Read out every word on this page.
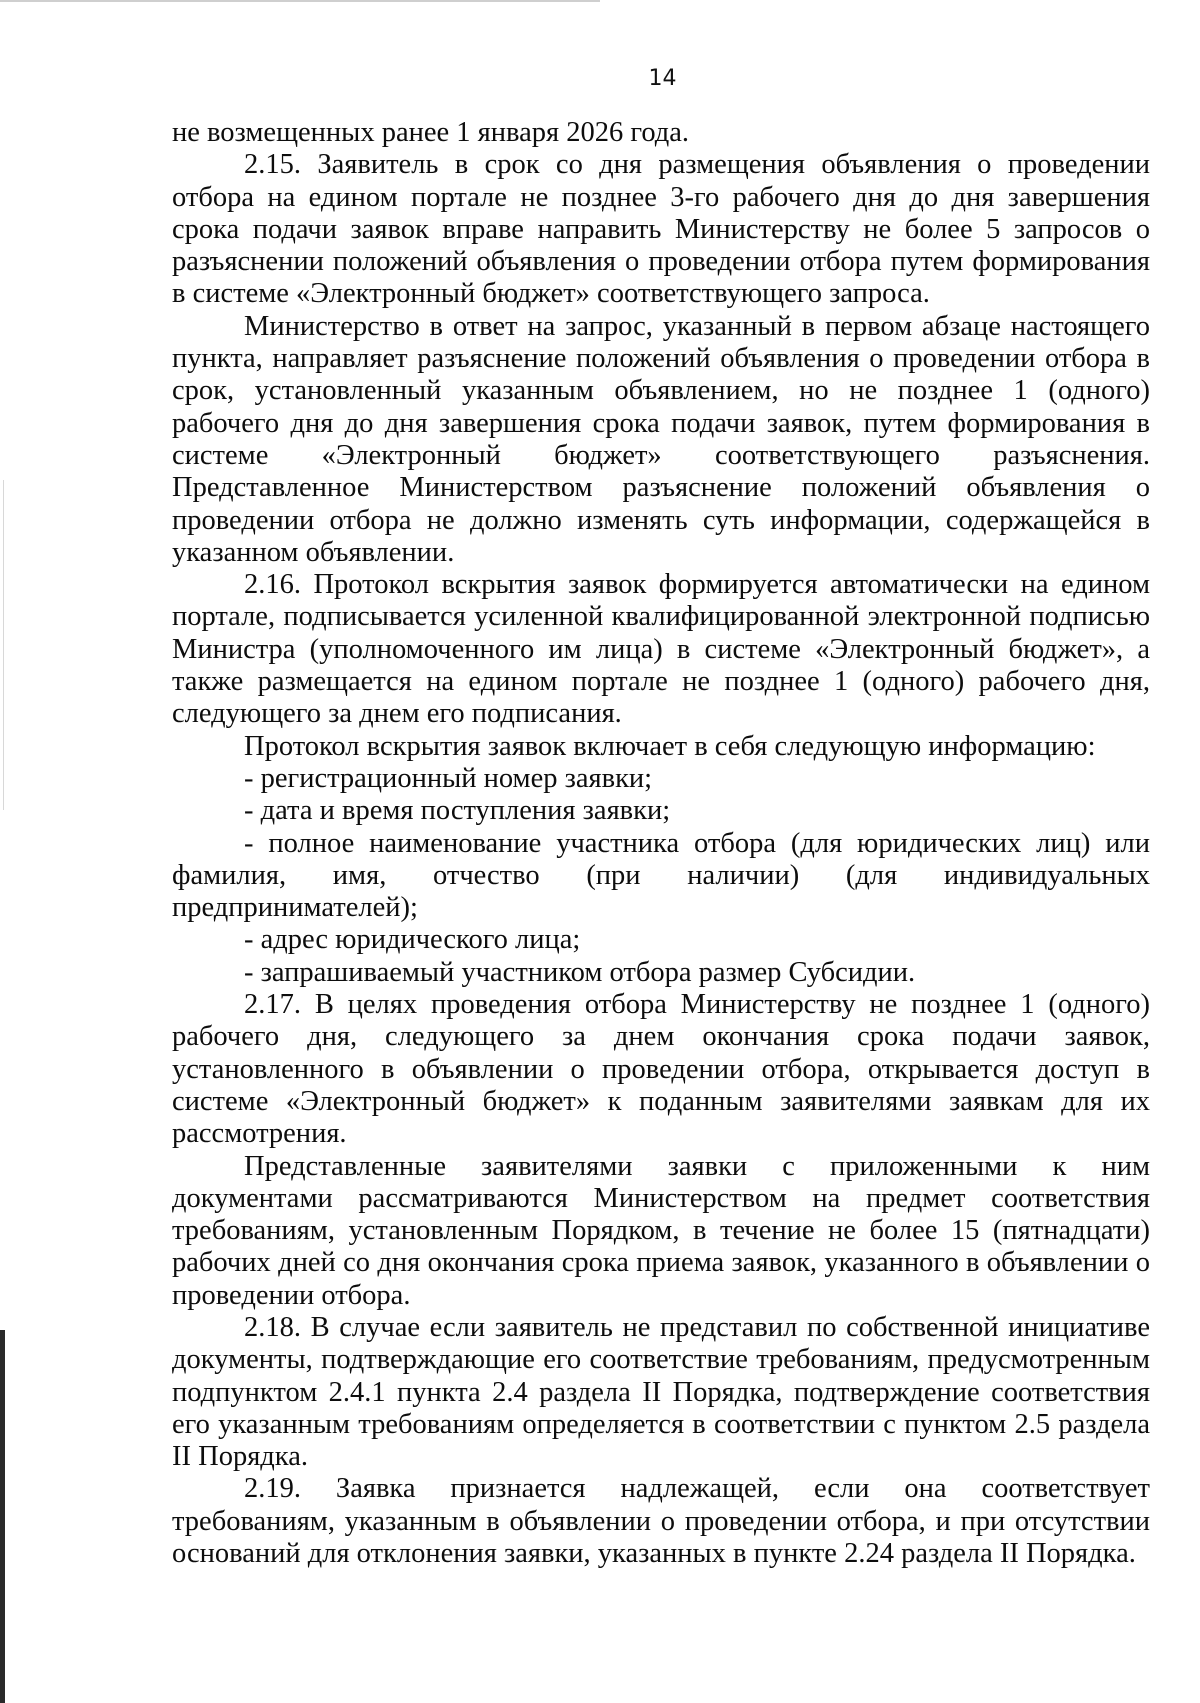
14

не возмещенных ранее 1 января 2026 года.

2.15. Заявитель в срок со дня размещения объявления о проведении отбора на едином портале не позднее 3-го рабочего дня до дня завершения срока подачи заявок вправе направить Министерству не более 5 запросов о разъяснении положений объявления о проведении отбора путем формирования в системе «Электронный бюджет» соответствующего запроса.

Министерство в ответ на запрос, указанный в первом абзаце настоящего пункта, направляет разъяснение положений объявления о проведении отбора в срок, установленный указанным объявлением, но не позднее 1 (одного) рабочего дня до дня завершения срока подачи заявок, путем формирования в системе «Электронный бюджет» соответствующего разъяснения. Представленное Министерством разъяснение положений объявления о проведении отбора не должно изменять суть информации, содержащейся в указанном объявлении.

2.16. Протокол вскрытия заявок формируется автоматически на едином портале, подписывается усиленной квалифицированной электронной подписью Министра (уполномоченного им лица) в системе «Электронный бюджет», а также размещается на едином портале не позднее 1 (одного) рабочего дня, следующего за днем его подписания.

Протокол вскрытия заявок включает в себя следующую информацию:

- регистрационный номер заявки;

- дата и время поступления заявки;

- полное наименование участника отбора (для юридических лиц) или фамилия, имя, отчество (при наличии) (для индивидуальных предпринимателей);

- адрес юридического лица;

- запрашиваемый участником отбора размер Субсидии.

2.17. В целях проведения отбора Министерству не позднее 1 (одного) рабочего дня, следующего за днем окончания срока подачи заявок, установленного в объявлении о проведении отбора, открывается доступ в системе «Электронный бюджет» к поданным заявителями заявкам для их рассмотрения.

Представленные заявителями заявки с приложенными к ним документами рассматриваются Министерством на предмет соответствия требованиям, установленным Порядком, в течение не более 15 (пятнадцати) рабочих дней со дня окончания срока приема заявок, указанного в объявлении о проведении отбора.

2.18. В случае если заявитель не представил по собственной инициативе документы, подтверждающие его соответствие требованиям, предусмотренным подпунктом 2.4.1 пункта 2.4 раздела II Порядка, подтверждение соответствия его указанным требованиям определяется в соответствии с пунктом 2.5 раздела II Порядка.

2.19. Заявка признается надлежащей, если она соответствует требованиям, указанным в объявлении о проведении отбора, и при отсутствии оснований для отклонения заявки, указанных в пункте 2.24 раздела II Порядка.
